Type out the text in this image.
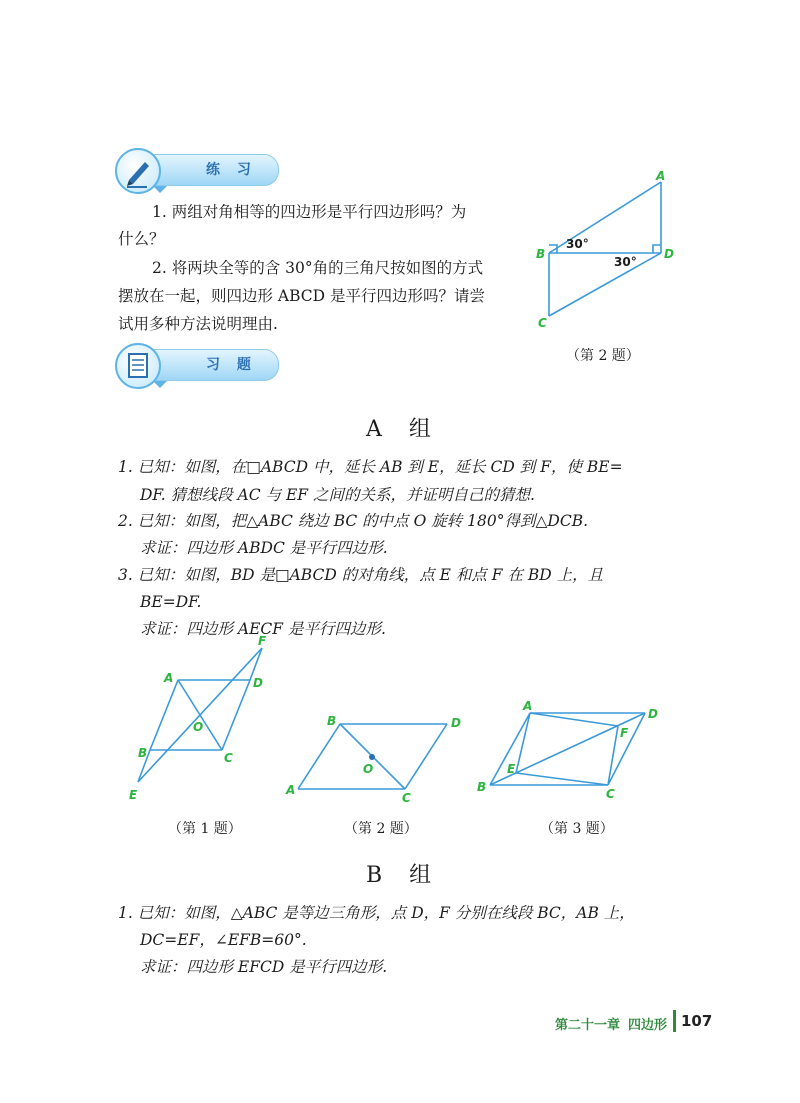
练 习
1. 两组对角相等的四边形是平行四边形吗？为
什么？
2. 将两块全等的含 30°角的三角尺按如图的方式
摆放在一起，则四边形 ABCD 是平行四边形吗？请尝
试用多种方法说明理由.
A
B
C
D
30°
30°
（第 2 题）
习 题
A 组
1. 已知：如图，在□ABCD 中，延长 AB 到 E，延长 CD 到 F，使 BE=
DF. 猜想线段 AC 与 EF 之间的关系，并证明自己的猜想.
2. 已知：如图，把△ABC 绕边 BC 的中点 O 旋转 180°得到△DCB.
求证：四边形 ABDC 是平行四边形.
3. 已知：如图，BD 是□ABCD 的对角线，点 E 和点 F 在 BD 上，且
BE=DF.
求证：四边形 AECF 是平行四边形.
A
B	C
D
E
F
O
（第 1 题）
B
A
C
D
O
（第 2 题）
A
B	C
D
E
F
（第 3 题）
B 组
1. 已知：如图，△ABC 是等边三角形，点 D，F 分别在线段 BC，AB 上，
DC=EF，∠EFB=60°.
求证：四边形 EFCD 是平行四边形.
第二十一章 四边形 107
